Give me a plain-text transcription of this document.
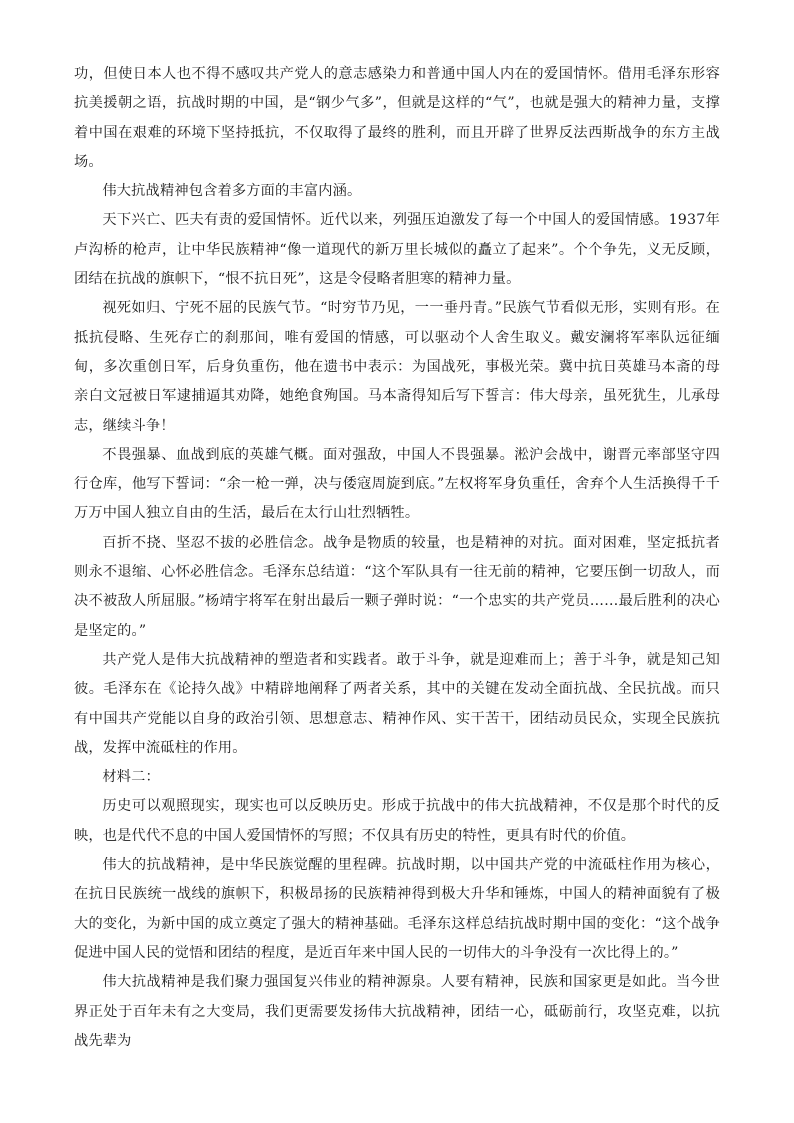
功，但使日本人也不得不感叹共产党人的意志感染力和普通中国人内在的爱国情怀。借用毛泽东形容抗美援朝之语，抗战时期的中国，是“钢少气多”，但就是这样的“气”，也就是强大的精神力量，支撑着中国在艰难的环境下坚持抵抗，不仅取得了最终的胜利，而且开辟了世界反法西斯战争的东方主战场。

伟大抗战精神包含着多方面的丰富内涵。

天下兴亡、匹夫有责的爱国情怀。近代以来，列强压迫激发了每一个中国人的爱国情感。1937年卢沟桥的枪声，让中华民族精神“像一道现代的新万里长城似的矗立了起来”。个个争先，义无反顾，团结在抗战的旗帜下，“恨不抗日死”，这是令侵略者胆寒的精神力量。

视死如归、宁死不屈的民族气节。“时穷节乃见，一一垂丹青。”民族气节看似无形，实则有形。在抵抗侵略、生死存亡的刹那间，唯有爱国的情感，可以驱动个人舍生取义。戴安澜将军率队远征缅甸，多次重创日军，后身负重伤，他在遗书中表示：为国战死，事极光荣。冀中抗日英雄马本斋的母亲白文冠被日军逮捕逼其劝降，她绝食殉国。马本斋得知后写下誓言：伟大母亲，虽死犹生，儿承母志，继续斗争！

不畏强暴、血战到底的英雄气概。面对强敌，中国人不畏强暴。淞沪会战中，谢晋元率部坚守四行仓库，他写下誓词：“余一枪一弹，决与倭寇周旋到底。”左权将军身负重任，舍弃个人生活换得千千万万中国人独立自由的生活，最后在太行山壮烈牺牲。

百折不挠、坚忍不拔的必胜信念。战争是物质的较量，也是精神的对抗。面对困难，坚定抵抗者则永不退缩、心怀必胜信念。毛泽东总结道：“这个军队具有一往无前的精神，它要压倒一切敌人，而决不被敌人所屈服。”杨靖宇将军在射出最后一颗子弹时说：“一个忠实的共产党员……最后胜利的决心是坚定的。”

共产党人是伟大抗战精神的塑造者和实践者。敢于斗争，就是迎难而上；善于斗争，就是知己知彼。毛泽东在《论持久战》中精辟地阐释了两者关系，其中的关键在发动全面抗战、全民抗战。而只有中国共产党能以自身的政治引领、思想意志、精神作风、实干苦干，团结动员民众，实现全民族抗战，发挥中流砥柱的作用。

材料二：

历史可以观照现实，现实也可以反映历史。形成于抗战中的伟大抗战精神，不仅是那个时代的反映，也是代代不息的中国人爱国情怀的写照；不仅具有历史的特性，更具有时代的价值。

伟大的抗战精神，是中华民族觉醒的里程碑。抗战时期，以中国共产党的中流砥柱作用为核心，在抗日民族统一战线的旗帜下，积极昂扬的民族精神得到极大升华和锤炼，中国人的精神面貌有了极大的变化，为新中国的成立奠定了强大的精神基础。毛泽东这样总结抗战时期中国的变化：“这个战争促进中国人民的觉悟和团结的程度，是近百年来中国人民的一切伟大的斗争没有一次比得上的。”

伟大抗战精神是我们聚力强国复兴伟业的精神源泉。人要有精神，民族和国家更是如此。当今世界正处于百年未有之大变局，我们更需要发扬伟大抗战精神，团结一心，砥砺前行，攻坚克难，以抗战先辈为
